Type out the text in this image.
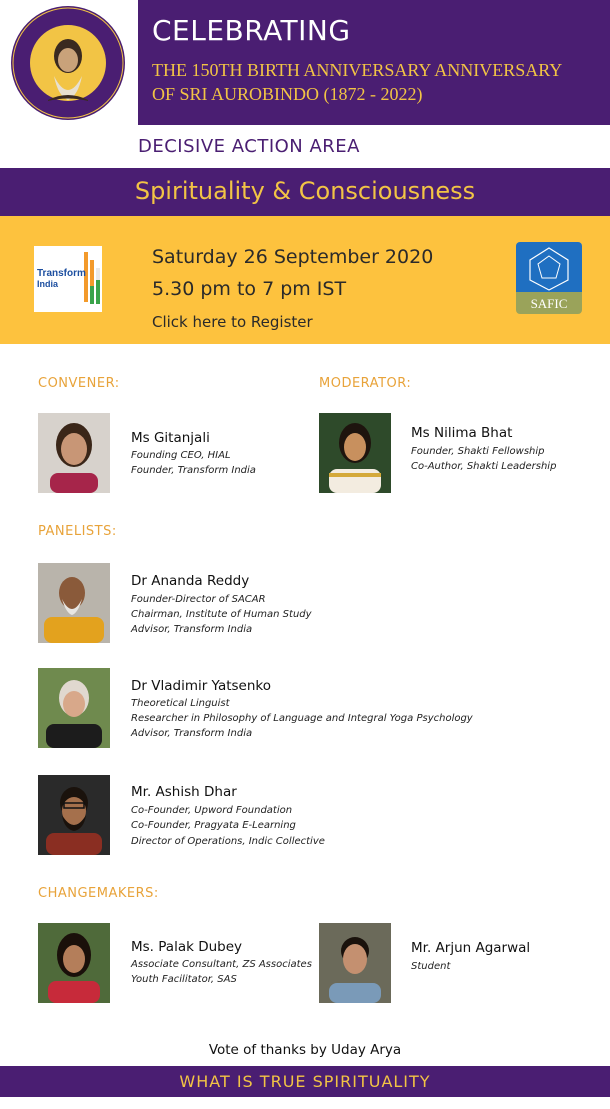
CELEBRATING
THE 150TH BIRTH ANNIVERSARY ANNIVERSARY
OF SRI AUROBINDO (1872 - 2022)
DECISIVE ACTION AREA
Spirituality & Consciousness
Transform
India
Saturday 26 September 2020
5.30 pm to 7 pm IST
Click here to Register
SAFIC
CONVENER:	MODERATOR:
Ms Gitanjali
Founding CEO, HIAL
Founder, Transform India
Ms Nilima Bhat
Founder, Shakti Fellowship
Co-Author, Shakti Leadership
PANELISTS:
Dr Ananda Reddy
Founder-Director of SACAR
Chairman, Institute of Human Study
Advisor, Transform India
Dr Vladimir Yatsenko
Theoretical Linguist
Researcher in Philosophy of Language and Integral Yoga Psychology
Advisor, Transform India
Mr. Ashish Dhar
Co-Founder, Upword Foundation
Co-Founder, Pragyata E-Learning
Director of Operations, Indic Collective
CHANGEMAKERS:
Ms. Palak Dubey
Associate Consultant, ZS Associates
Youth Facilitator, SAS
Mr. Arjun Agarwal
Student
Vote of thanks by Uday Arya
WHAT IS TRUE SPIRITUALITY
